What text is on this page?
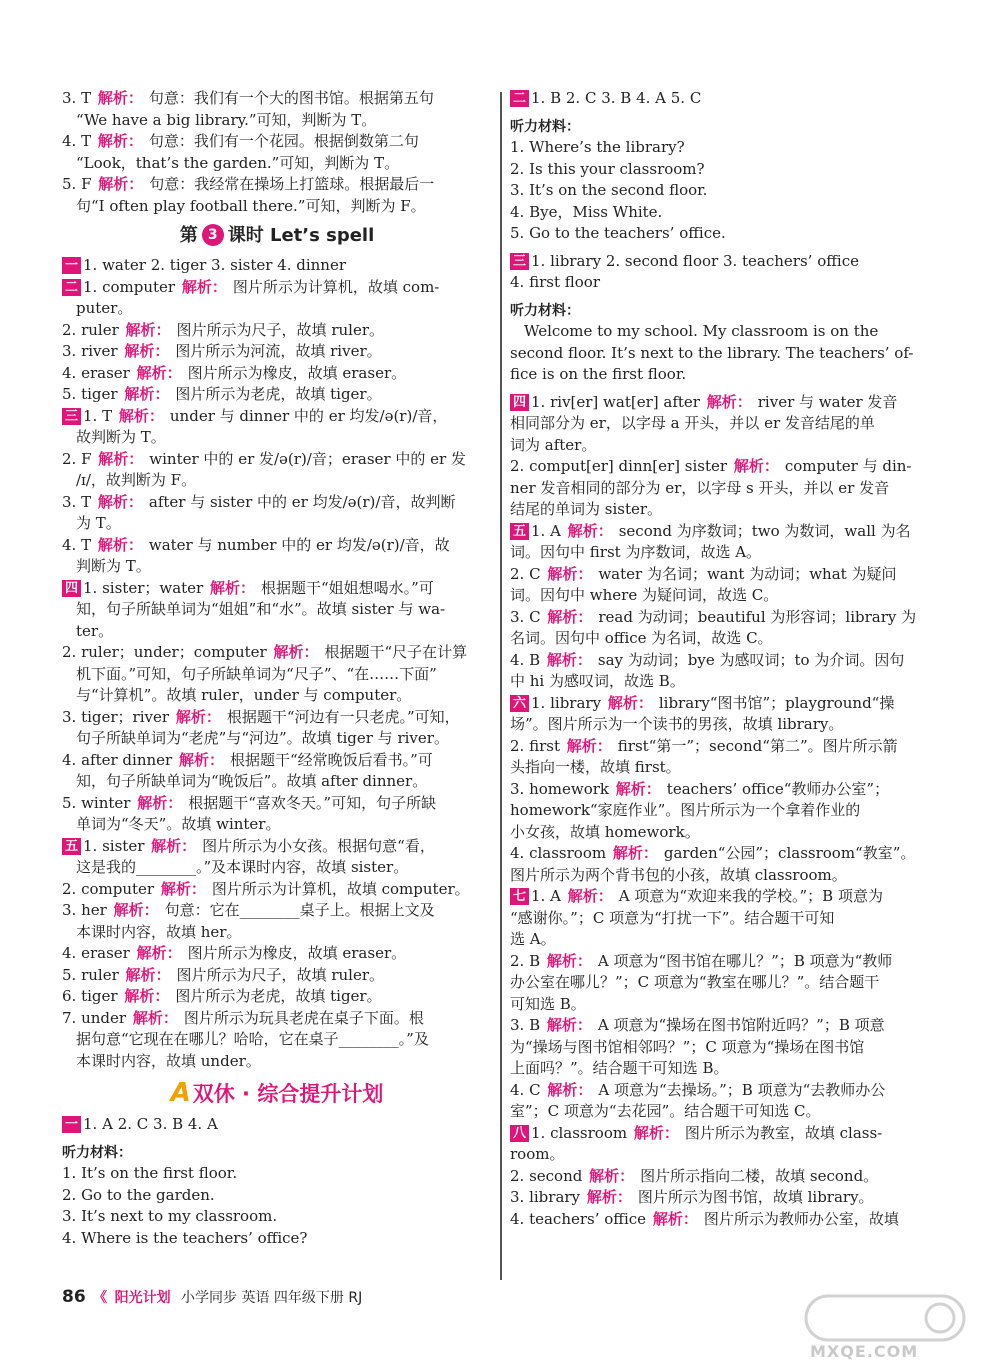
3. T 解析： 句意：我们有一个大的图书馆。根据第五句
“We have a big library.”可知，判断为 T。
4. T 解析： 句意：我们有一个花园。根据倒数第二句
“Look，that’s the garden.”可知，判断为 T。
5. F 解析： 句意：我经常在操场上打篮球。根据最后一
句“I often play football there.”可知，判断为 F。
第 3 课时 Let’s spell
一 1. water 2. tiger 3. sister 4. dinner
二 1. computer 解析： 图片所示为计算机，故填 com-
puter。
2. ruler 解析： 图片所示为尺子，故填 ruler。
3. river 解析： 图片所示为河流，故填 river。
4. eraser 解析： 图片所示为橡皮，故填 eraser。
5. tiger 解析： 图片所示为老虎，故填 tiger。
三 1. T 解析： under 与 dinner 中的 er 均发/ə(r)/音，
故判断为 T。
2. F 解析： winter 中的 er 发/ə(r)/音；eraser 中的 er 发
/ɪ/，故判断为 F。
3. T 解析： after 与 sister 中的 er 均发/ə(r)/音，故判断
为 T。
4. T 解析： water 与 number 中的 er 均发/ə(r)/音，故
判断为 T。
四 1. sister；water 解析： 根据题干“姐姐想喝水。”可
知，句子所缺单词为“姐姐”和“水”。故填 sister 与 wa-
ter。
2. ruler；under；computer 解析： 根据题干“尺子在计算
机下面。”可知，句子所缺单词为“尺子”、“在……下面”
与“计算机”。故填 ruler，under 与 computer。
3. tiger；river 解析： 根据题干“河边有一只老虎。”可知，
句子所缺单词为“老虎”与“河边”。故填 tiger 与 river。
4. after dinner 解析： 根据题干“经常晚饭后看书。”可
知，句子所缺单词为“晚饭后”。故填 after dinner。
5. winter 解析： 根据题干“喜欢冬天。”可知，句子所缺
单词为“冬天”。故填 winter。
五 1. sister 解析： 图片所示为小女孩。根据句意“看，
这是我的________。”及本课时内容，故填 sister。
2. computer 解析： 图片所示为计算机，故填 computer。
3. her 解析： 句意：它在________桌子上。根据上文及
本课时内容，故填 her。
4. eraser 解析： 图片所示为橡皮，故填 eraser。
5. ruler 解析： 图片所示为尺子，故填 ruler。
6. tiger 解析： 图片所示为老虎，故填 tiger。
7. under 解析： 图片所示为玩具老虎在桌子下面。根
据句意“它现在在哪儿？哈哈，它在桌子________。”及
本课时内容，故填 under。
A双休 · 综合提升计划
一 1. A 2. C 3. B 4. A
听力材料：
1. It’s on the first floor.
2. Go to the garden.
3. It’s next to my classroom.
4. Where is the teachers’ office?
二 1. B 2. C 3. B 4. A 5. C
听力材料：
1. Where’s the library?
2. Is this your classroom?
3. It’s on the second floor.
4. Bye，Miss White.
5. Go to the teachers’ office.
三 1. library 2. second floor 3. teachers’ office
4. first floor
听力材料：
Welcome to my school. My classroom is on the
second floor. It’s next to the library. The teachers’ of-
fice is on the first floor.
四 1. riv[er] wat[er] after 解析： river 与 water 发音
相同部分为 er，以字母 a 开头，并以 er 发音结尾的单
词为 after。
2. comput[er] dinn[er] sister 解析： computer 与 din-
ner 发音相同的部分为 er，以字母 s 开头，并以 er 发音
结尾的单词为 sister。
五 1. A 解析： second 为序数词；two 为数词，wall 为名
词。因句中 first 为序数词，故选 A。
2. C 解析： water 为名词；want 为动词；what 为疑问
词。因句中 where 为疑问词，故选 C。
3. C 解析： read 为动词；beautiful 为形容词；library 为
名词。因句中 office 为名词，故选 C。
4. B 解析： say 为动词；bye 为感叹词；to 为介词。因句
中 hi 为感叹词，故选 B。
六 1. library 解析： library“图书馆”；playground“操
场”。图片所示为一个读书的男孩，故填 library。
2. first 解析： first“第一”；second“第二”。图片所示箭
头指向一楼，故填 first。
3. homework 解析： teachers’ office“教师办公室”；
homework“家庭作业”。图片所示为一个拿着作业的
小女孩，故填 homework。
4. classroom 解析： garden“公园”；classroom“教室”。
图片所示为两个背书包的小孩，故填 classroom。
七 1. A 解析： A 项意为“欢迎来我的学校。”；B 项意为
“感谢你。”；C 项意为“打扰一下”。结合题干可知
选 A。
2. B 解析： A 项意为“图书馆在哪儿？”；B 项意为“教师
办公室在哪儿？”；C 项意为“教室在哪儿？”。结合题干
可知选 B。
3. B 解析： A 项意为“操场在图书馆附近吗？”；B 项意
为“操场与图书馆相邻吗？”；C 项意为“操场在图书馆
上面吗？”。结合题干可知选 B。
4. C 解析： A 项意为“去操场。”；B 项意为“去教师办公
室”；C 项意为“去花园”。结合题干可知选 C。
八 1. classroom 解析： 图片所示为教室，故填 class-
room。
2. second 解析： 图片所示指向二楼，故填 second。
3. library 解析： 图片所示为图书馆，故填 library。
4. teachers’ office 解析： 图片所示为教师办公室，故填
86 《 阳光计划 小学同步 英语 四年级下册 RJ
MXQE.COM
